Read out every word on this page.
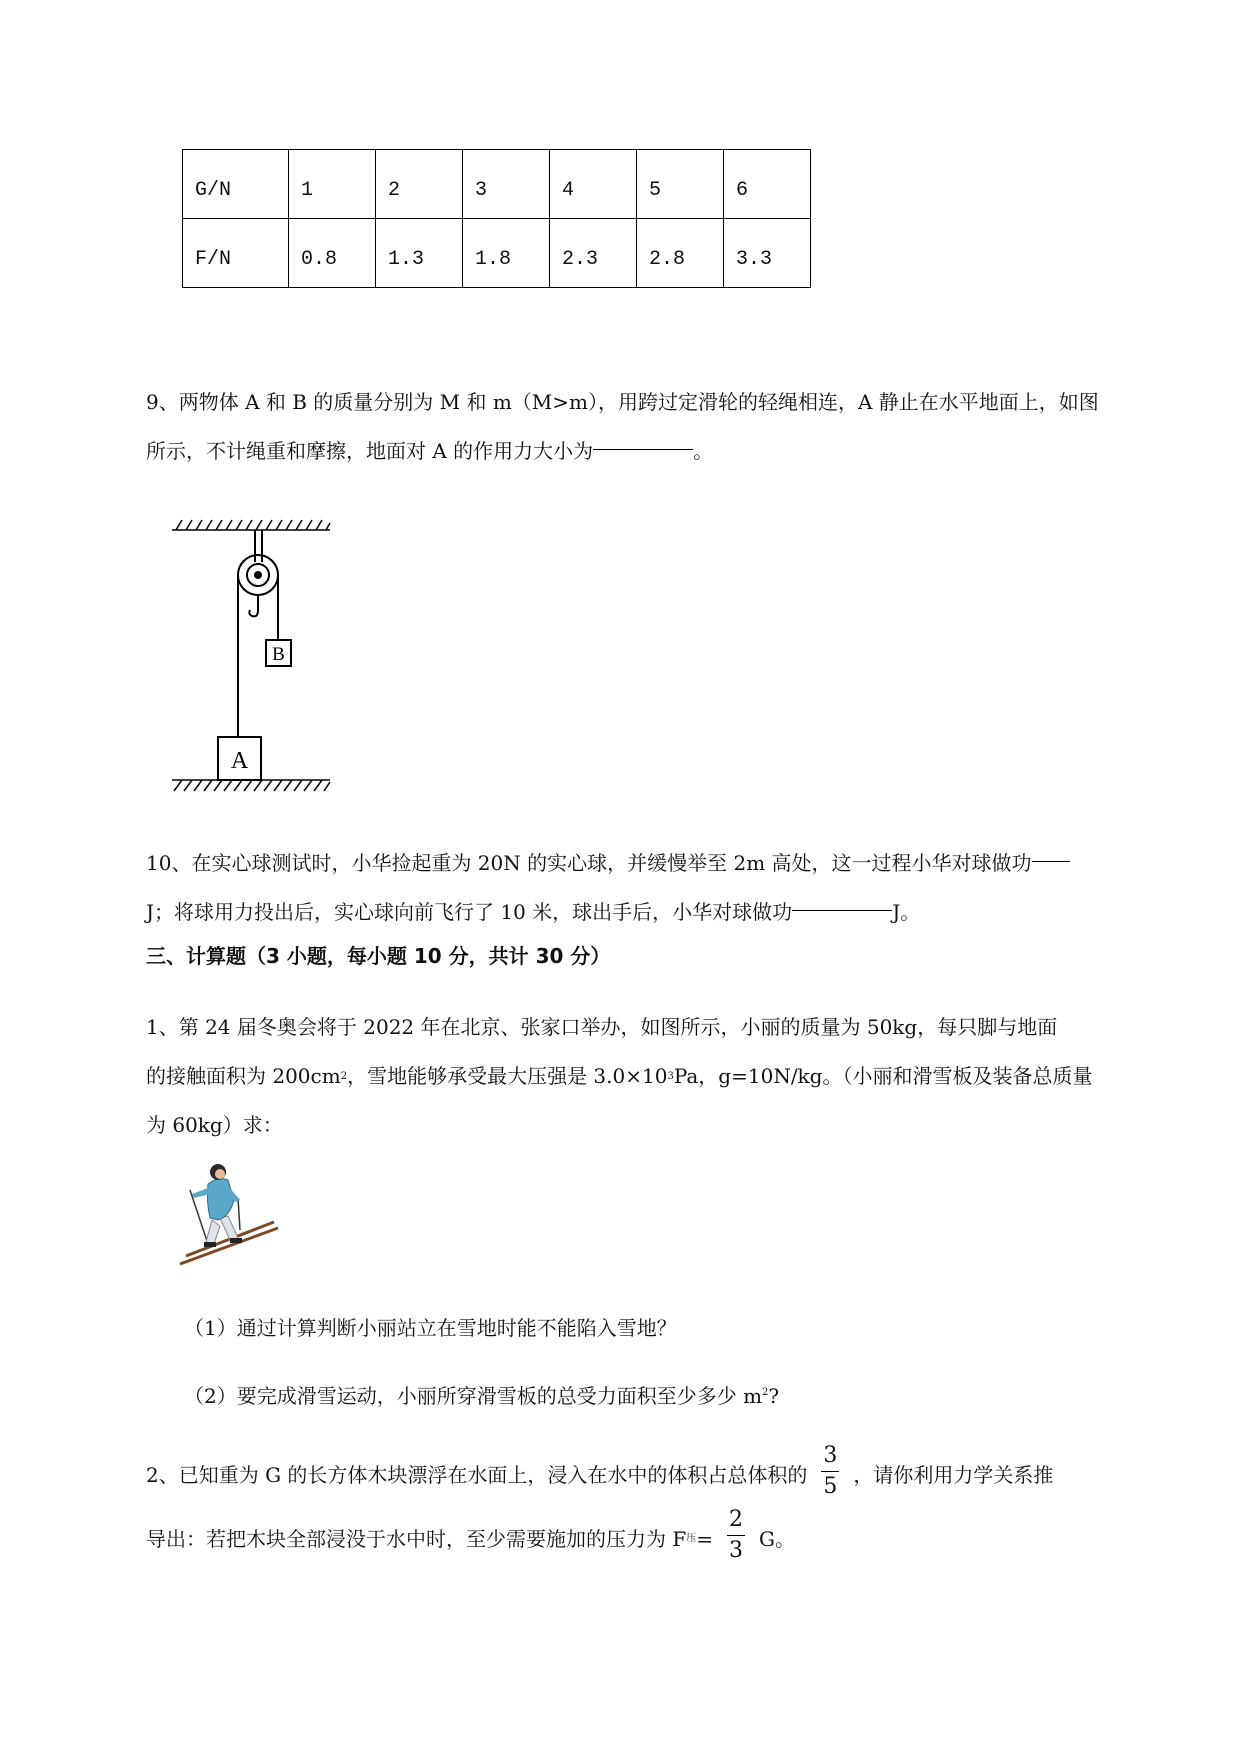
G/N	1	2	3	4	5	6
F/N	0.8	1.3	1.8	2.3	2.8	3.3
9、两物体 A 和 B 的质量分别为 M 和 m（M>m），用跨过定滑轮的轻绳相连，A 静止在水平地面上，如图
所示，不计绳重和摩擦，地面对 A 的作用力大小为	。
B
A
10、在实心球测试时，小华捡起重为 20N 的实心球，并缓慢举至 2m 高处，这一过程小华对球做功
J；将球用力投出后，实心球向前飞行了 10 米，球出手后，小华对球做功	J。
三、计算题（3 小题，每小题 10 分，共计 30 分）
1、第 24 届冬奥会将于 2022 年在北京、张家口举办，如图所示，小丽的质量为 50kg，每只脚与地面
的接触面积为 200cm 2 ，雪地能够承受最大压强是 3.0×10 3 Pa，g=10N/kg。（小丽和滑雪板及装备总质量
为 60kg）求：
（1）通过计算判断小丽站立在雪地时能不能陷入雪地？
（2）要完成滑雪运动，小丽所穿滑雪板的总受力面积至少多少 $m^2$?
2、已知重为 G 的长方体木块漂浮在水面上，浸入在水中的体积占总体积的 $\frac{3}{5}$ ，请你利用力学关系推
导出：若把木块全部浸没于水中时，至少需要施加的压力为 F 压 = $\frac{2}{3}$ G。
